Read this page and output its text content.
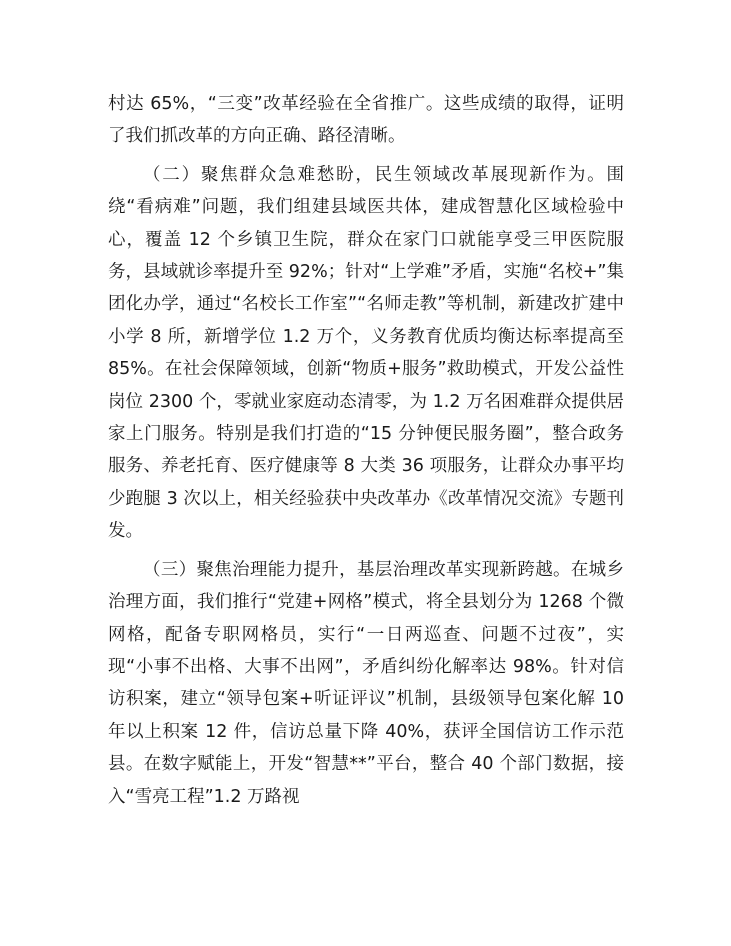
村达 65%，“三变”改革经验在全省推广。这些成绩的取得，证明了我们抓改革的方向正确、路径清晰。

（二）聚焦群众急难愁盼，民生领域改革展现新作为。围绕“看病难”问题，我们组建县域医共体，建成智慧化区域检验中心，覆盖 12 个乡镇卫生院，群众在家门口就能享受三甲医院服务，县域就诊率提升至 92%；针对“上学难”矛盾，实施“名校+”集团化办学，通过“名校长工作室”“名师走教”等机制，新建改扩建中小学 8 所，新增学位 1.2 万个，义务教育优质均衡达标率提高至 85%。在社会保障领域，创新“物质+服务”救助模式，开发公益性岗位 2300 个，零就业家庭动态清零，为 1.2 万名困难群众提供居家上门服务。特别是我们打造的“15 分钟便民服务圈”，整合政务服务、养老托育、医疗健康等 8 大类 36 项服务，让群众办事平均少跑腿 3 次以上，相关经验获中央改革办《改革情况交流》专题刊发。

（三）聚焦治理能力提升，基层治理改革实现新跨越。在城乡治理方面，我们推行“党建+网格”模式，将全县划分为 1268 个微网格，配备专职网格员，实行“一日两巡查、问题不过夜”，实现“小事不出格、大事不出网”，矛盾纠纷化解率达 98%。针对信访积案，建立“领导包案+听证评议”机制，县级领导包案化解 10 年以上积案 12 件，信访总量下降 40%，获评全国信访工作示范县。在数字赋能上，开发“智慧**”平台，整合 40 个部门数据，接入“雪亮工程”1.2 万路视
